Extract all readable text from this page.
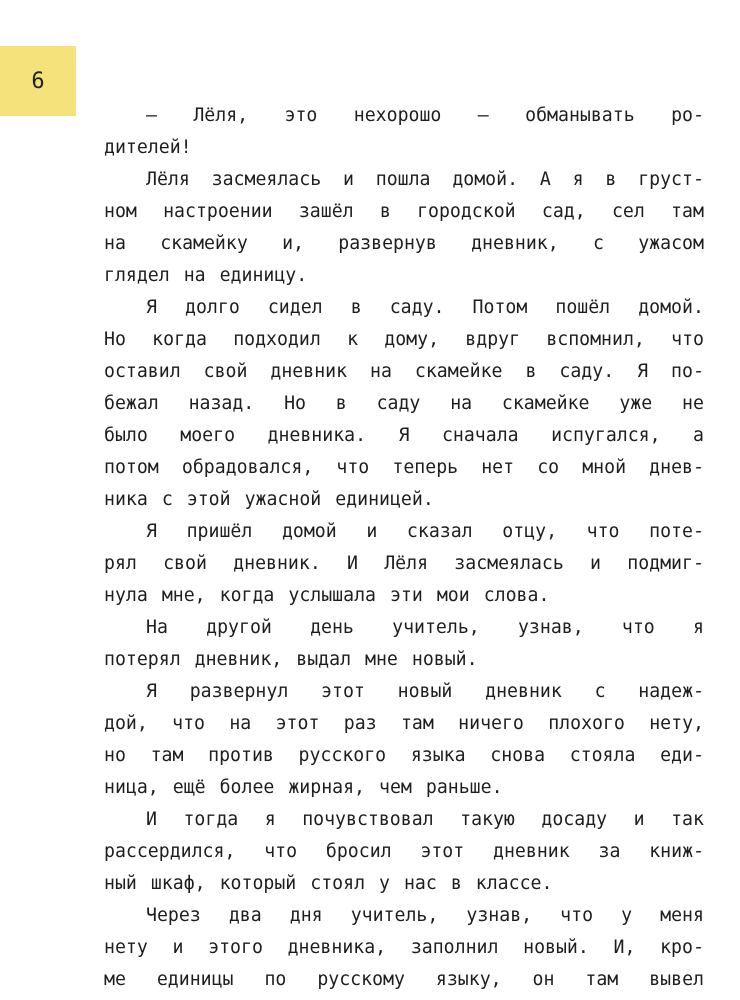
6
— Лёля, это нехорошо — обманывать ро-
дителей!
Лёля засмеялась и пошла домой. А я в груст-
ном настроении зашёл в городской сад, сел там
на скамейку и, развернув дневник, с ужасом
глядел на единицу.
Я долго сидел в саду. Потом пошёл домой.
Но когда подходил к дому, вдруг вспомнил, что
оставил свой дневник на скамейке в саду. Я по-
бежал назад. Но в саду на скамейке уже не
было моего дневника. Я сначала испугался, а
потом обрадовался, что теперь нет со мной днев-
ника с этой ужасной единицей.
Я пришёл домой и сказал отцу, что поте-
рял свой дневник. И Лёля засмеялась и подмиг-
нула мне, когда услышала эти мои слова.
На другой день учитель, узнав, что я
потерял дневник, выдал мне новый.
Я развернул этот новый дневник с надеж-
дой, что на этот раз там ничего плохого нету,
но там против русского языка снова стояла еди-
ница, ещё более жирная, чем раньше.
И тогда я почувствовал такую досаду и так
рассердился, что бросил этот дневник за книж-
ный шкаф, который стоял у нас в классе.
Через два дня учитель, узнав, что у меня
нету и этого дневника, заполнил новый. И, кро-
ме единицы по русскому языку, он там вывел
